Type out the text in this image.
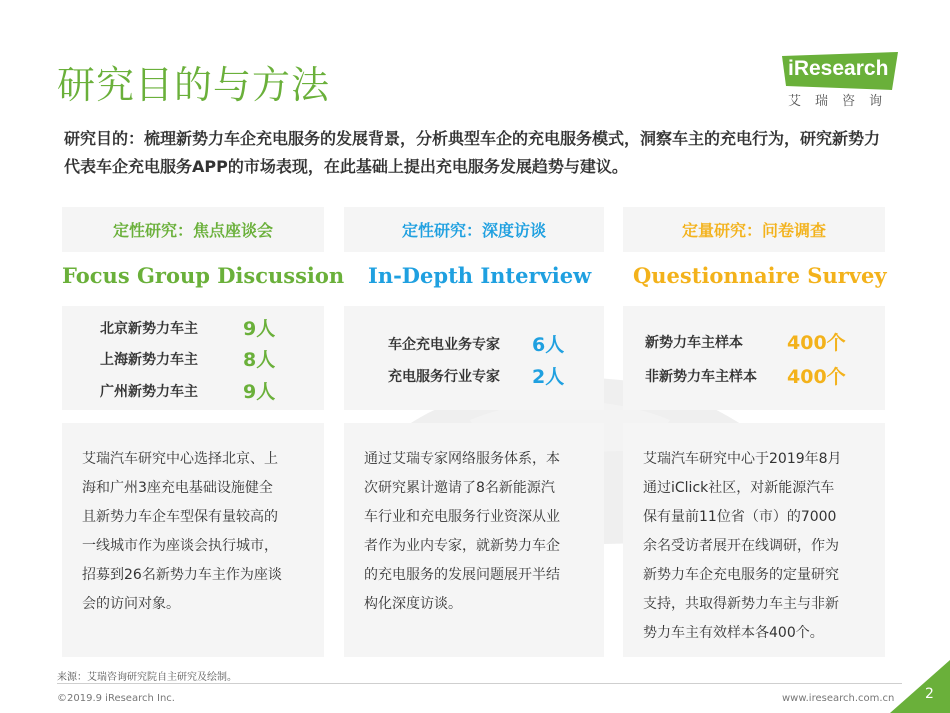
研究目的与方法	iResearch
艾瑞咨询
研究目的：梳理新势力车企充电服务的发展背景，分析典型车企的充电服务模式，洞察车主的充电行为，研究新势力代表车企充电服务APP的市场表现，在此基础上提出充电服务发展趋势与建议。
定性研究：焦点座谈会
Focus Group Discussion
北京新势力车主	9人
上海新势力车主	8人
广州新势力车主	9人
艾瑞汽车研究中心选择北京、上
海和广州3座充电基础设施健全
且新势力车企车型保有量较高的
一线城市作为座谈会执行城市，
招募到26名新势力车主作为座谈
会的访问对象。
定性研究：深度访谈
In-Depth Interview
车企充电业务专家	6人
充电服务行业专家	2人
通过艾瑞专家网络服务体系，本
次研究累计邀请了8名新能源汽
车行业和充电服务行业资深从业
者作为业内专家，就新势力车企
的充电服务的发展问题展开半结
构化深度访谈。
定量研究：问卷调查
Questionnaire Survey
新势力车主样本	400个
非新势力车主样本	400个
艾瑞汽车研究中心于2019年8月
通过iClick社区，对新能源汽车
保有量前11位省（市）的7000
余名受访者展开在线调研，作为
新势力车企充电服务的定量研究
支持，共取得新势力车主与非新
势力车主有效样本各400个。
来源：艾瑞咨询研究院自主研究及绘制。
©2019.9 iResearch Inc.	www.iresearch.com.cn 2
